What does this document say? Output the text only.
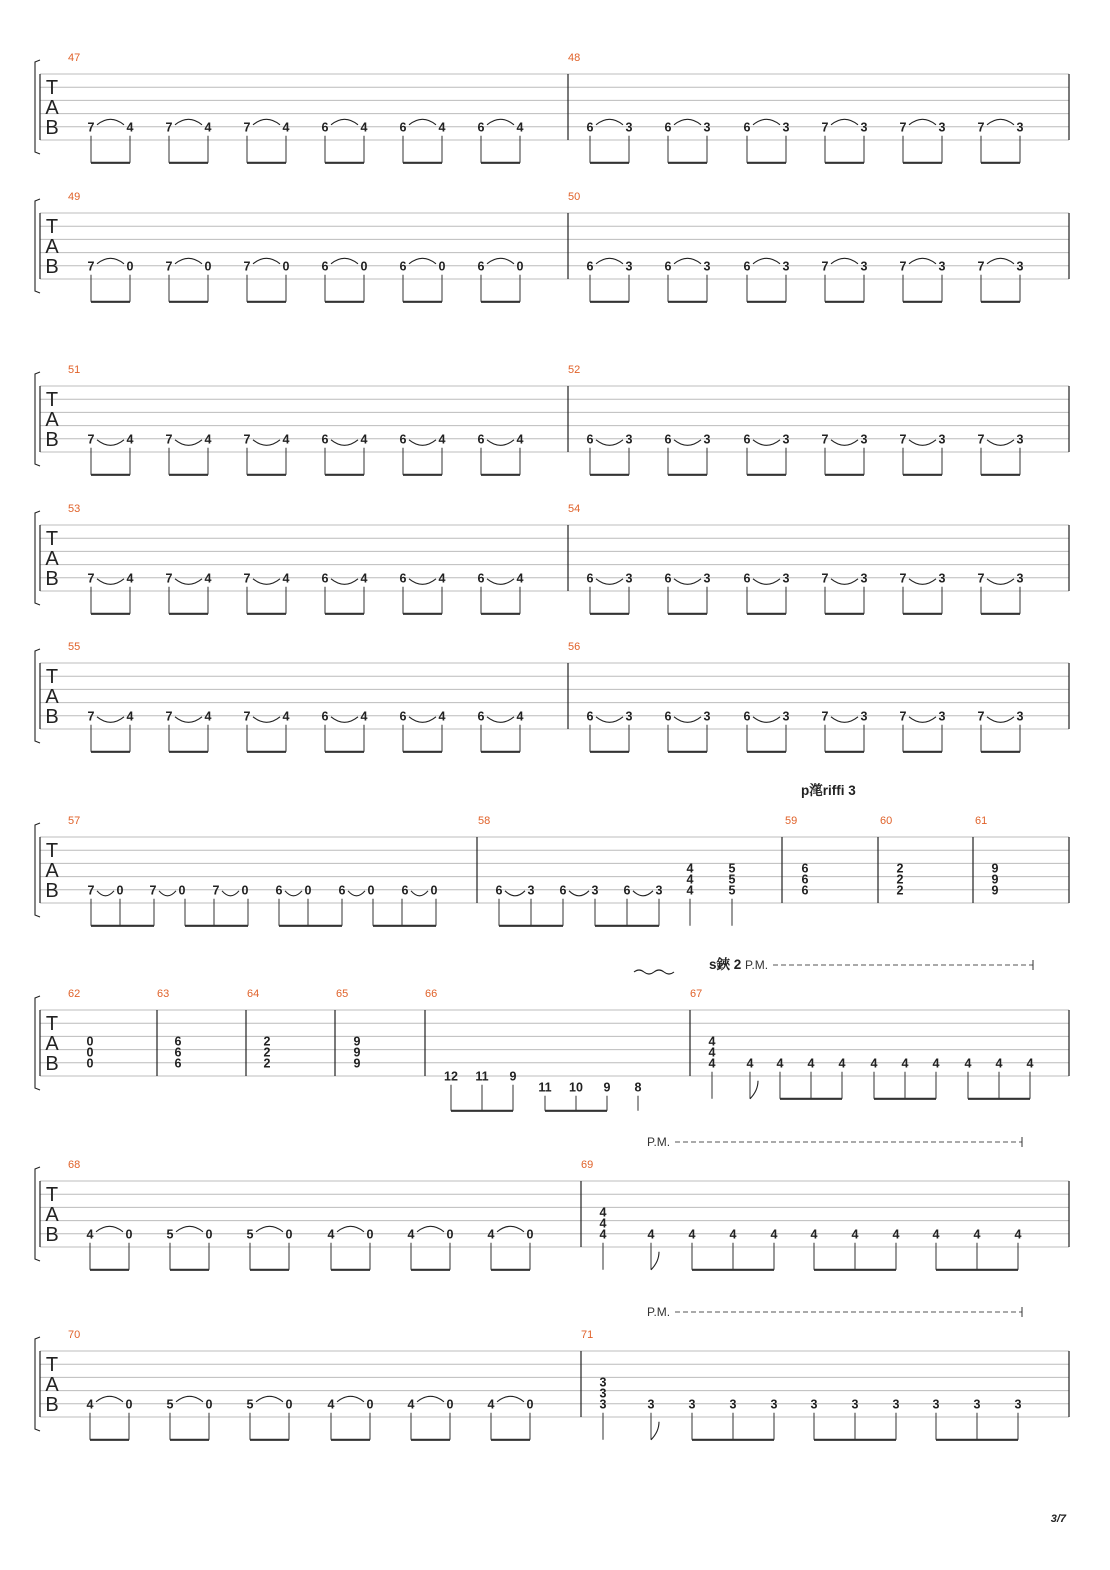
T
A
B
47	48
7	4	7	4	7	4	6	4	6	4	6	4	6	3	6	3	6	3	7	3	7	3	7	3
T
A
B
49	50
7	0	7	0	7	0	6	0	6	0	6	0	6	3	6	3	6	3	7	3	7	3	7	3
T
A
B
51	52
7	4	7	4	7	4	6	4	6	4	6	4	6	3	6	3	6	3	7	3	7	3	7	3
T
A
B
53	54
7	4	7	4	7	4	6	4	6	4	6	4	6	3	6	3	6	3	7	3	7	3	7	3
T
A
B
55	56
7	4	7	4	7	4	6	4	6	4	6	4	6	3	6	3	6	3	7	3	7	3	7	3
T
A
B
57
7 0 7 0 7 0 6 0 6 0 6 0
58
6 3 6 3 6 3
4
4
4
5
5
5
59
6
6
6
60
2
2
2
61
9
9
9
p滗riffi 3
T
A
B
62
0
0
0
63
6
6
6
64
2
2
2
65
9
9
9
66
12 11 9
11 10 9 8
67
4
4
4 4 4 4 4 4 4 4 4 4 4
s鋏 2 P.M.
T
A
B
68
4	0	5	0	5	0	4	0	4	0	4	0
69
4
4
4	4	4	4	4	4	4	4	4	4	4
P.M.
T
A
B
70
4	0	5	0	5	0	4	0	4	0	4	0
71
3
3
3	3	3	3	3	3	3	3	3	3	3
P.M.
3/7
